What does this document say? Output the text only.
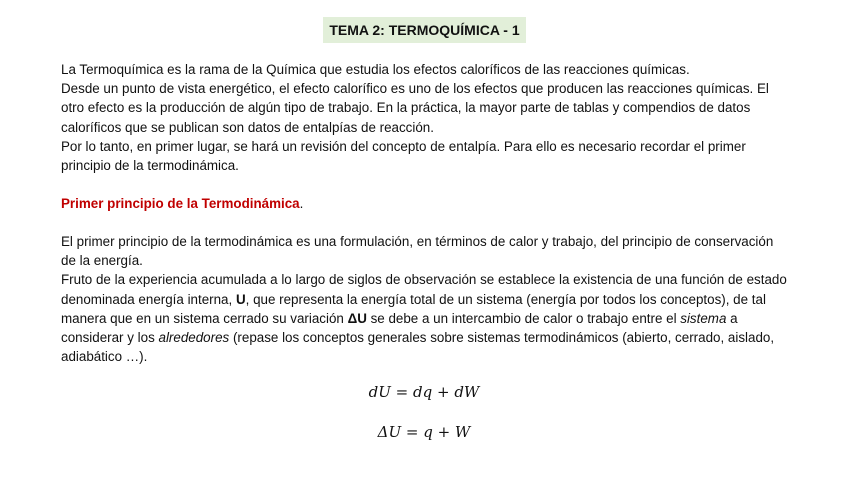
TEMA 2: TERMOQUÍMICA - 1

La Termoquímica es la rama de la Química que estudia los efectos caloríficos de las reacciones químicas.

Desde un punto de vista energético, el efecto calorífico es uno de los efectos que producen las reacciones químicas. El otro efecto es la producción de algún tipo de trabajo. En la práctica, la mayor parte de tablas y compendios de datos caloríficos que se publican son datos de entalpías de reacción.

Por lo tanto, en primer lugar, se hará un revisión del concepto de entalpía. Para ello es necesario recordar el primer principio de la termodinámica.

Primer principio de la Termodinámica.

El primer principio de la termodinámica es una formulación, en términos de calor y trabajo, del principio de conservación de la energía.

Fruto de la experiencia acumulada a lo largo de siglos de observación se establece la existencia de una función de estado denominada energía interna, U, que representa la energía total de un sistema (energía por todos los conceptos), de tal manera que en un sistema cerrado su variación ΔU se debe a un intercambio de calor o trabajo entre el sistema a considerar y los alrededores (repase los conceptos generales sobre sistemas termodinámicos (abierto, cerrado, aislado, adiabático …).

dU = dq + dW
ΔU = q + W
